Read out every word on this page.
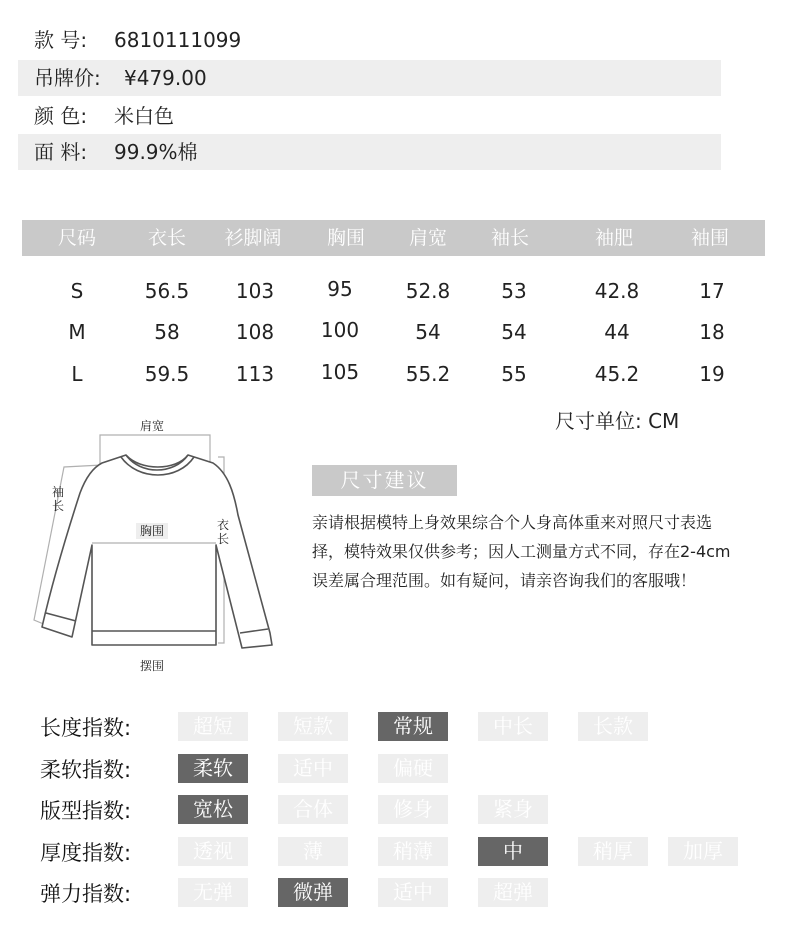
款 号: 6810111099
吊牌价: ¥479.00
颜 色: 米白色
面 料: 99.9%棉
尺码	衣长 衫脚阔 胸围 肩宽 袖长	袖肥	袖围
S	56.5 103	95	52.8	53	42.8	17
M	58	108 100	54	54	44	18
L	59.5 113 105 55.2	55	45.2	19
尺寸单位: CM
肩宽
袖长
胸围	衣长
摆围
尺寸建议
亲请根据模特上身效果综合个人身高体重来对照尺寸表选择，模特效果仅供参考；因人工测量方式不同，存在2-4cm误差属合理范围。如有疑问，请亲咨询我们的客服哦！
长度指数:	超短	短款	常规	中长	长款
柔软指数:	柔软	适中	偏硬
版型指数:	宽松	合体	修身	紧身
厚度指数:	透视	薄	稍薄	中	稍厚	加厚
弹力指数:	无弹	微弹	适中	超弹
